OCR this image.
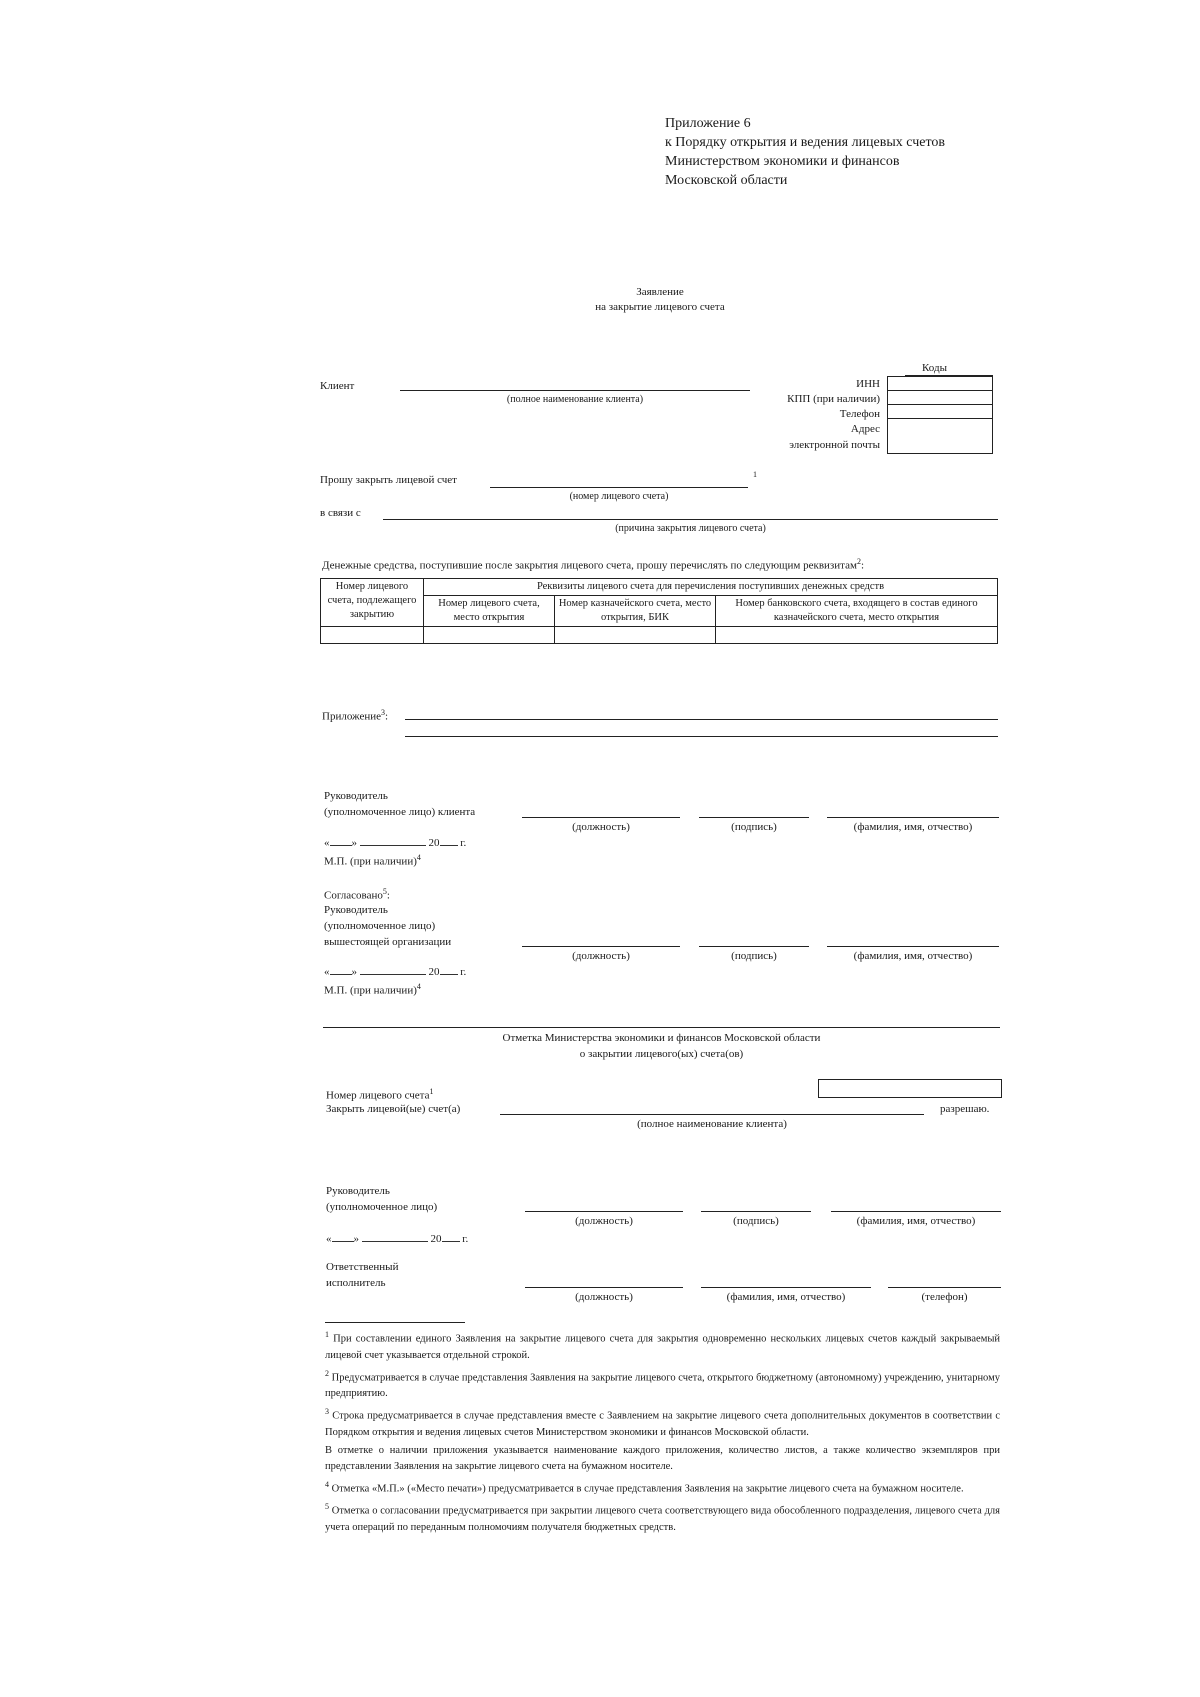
Приложение 6
к Порядку открытия и ведения лицевых счетов
Министерством экономики и финансов
Московской области
Заявление
на закрытие лицевого счета
Коды
ИНН
КПП (при наличии)
Телефон
Адрес
электронной почты

Клиент
(полное наименование клиента)
Прошу закрыть лицевой счет	1
(номер лицевого счета)
в связи с
(причина закрытия лицевого счета)
Денежные средства, поступившие после закрытия лицевого счета, прошу перечислять по следующим реквизитам$^2$:
Номер лицевого счета, подлежащего закрытию	Реквизиты лицевого счета для перечисления поступивших денежных средств		
	Номер лицевого счета, место открытия	Номер казначейского счета, место открытия, БИК	Номер банковского счета, входящего в состав единого казначейского счета, место открытия

Приложение$^3$:
Руководитель
(уполномоченное лицо) клиента
(должность)	(подпись)	(фамилия, имя, отчество)
« »	20 г.
М.П. (при наличии)$^4$
Согласовано$^5$:
Руководитель
(уполномоченное лицо)
вышестоящей организации
(должность)	(подпись)	(фамилия, имя, отчество)
« »	20 г.
М.П. (при наличии)$^4$
Отметка Министерства экономики и финансов Московской области
о закрытии лицевого(ых) счета(ов)
Номер лицевого счета$^1$
Закрыть лицевой(ые) счет(а)	разрешаю.
(полное наименование клиента)
Руководитель
(уполномоченное лицо)
(должность)	(подпись)	(фамилия, имя, отчество)
« »	20 г.
Ответственный
исполнитель
(должность)	(фамилия, имя, отчество)	(телефон)

$^1$ При составлении единого Заявления на закрытие лицевого счета для закрытия одновременно нескольких лицевых счетов каждый закрываемый лицевой счет указывается отдельной строкой.

$^2$ Предусматривается в случае представления Заявления на закрытие лицевого счета, открытого бюджетному (автономному) учреждению, унитарному предприятию.

$^3$ Строка предусматривается в случае представления вместе с Заявлением на закрытие лицевого счета дополнительных документов в соответствии с Порядком открытия и ведения лицевых счетов Министерством экономики и финансов Московской области.

В отметке о наличии приложения указывается наименование каждого приложения, количество листов, а также количество экземпляров при представлении Заявления на закрытие лицевого счета на бумажном носителе.

$^4$ Отметка «М.П.» («Место печати») предусматривается в случае представления Заявления на закрытие лицевого счета на бумажном носителе.

$^5$ Отметка о согласовании предусматривается при закрытии лицевого счета соответствующего вида обособленного подразделения, лицевого счета для учета операций по переданным полномочиям получателя бюджетных средств.
